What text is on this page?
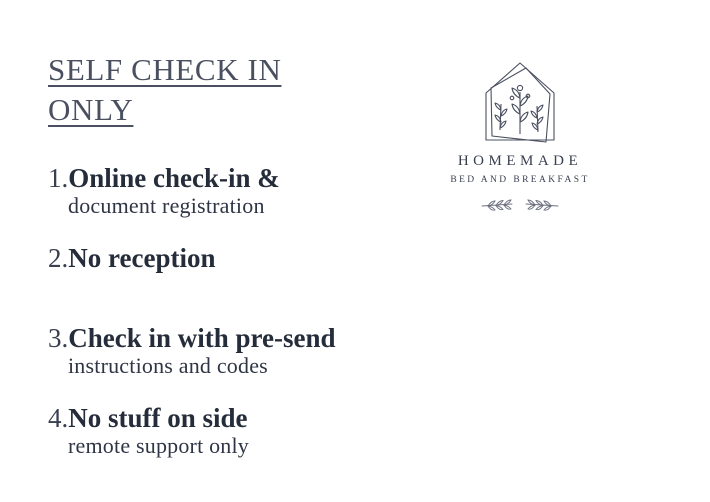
SELF CHECK IN
ONLY
1.Online check-in &
document registration
2.No reception
3.Check in with pre-send
instructions and codes
4.No stuff on side
remote support only
HOMEMADE
BED AND BREAKFAST
